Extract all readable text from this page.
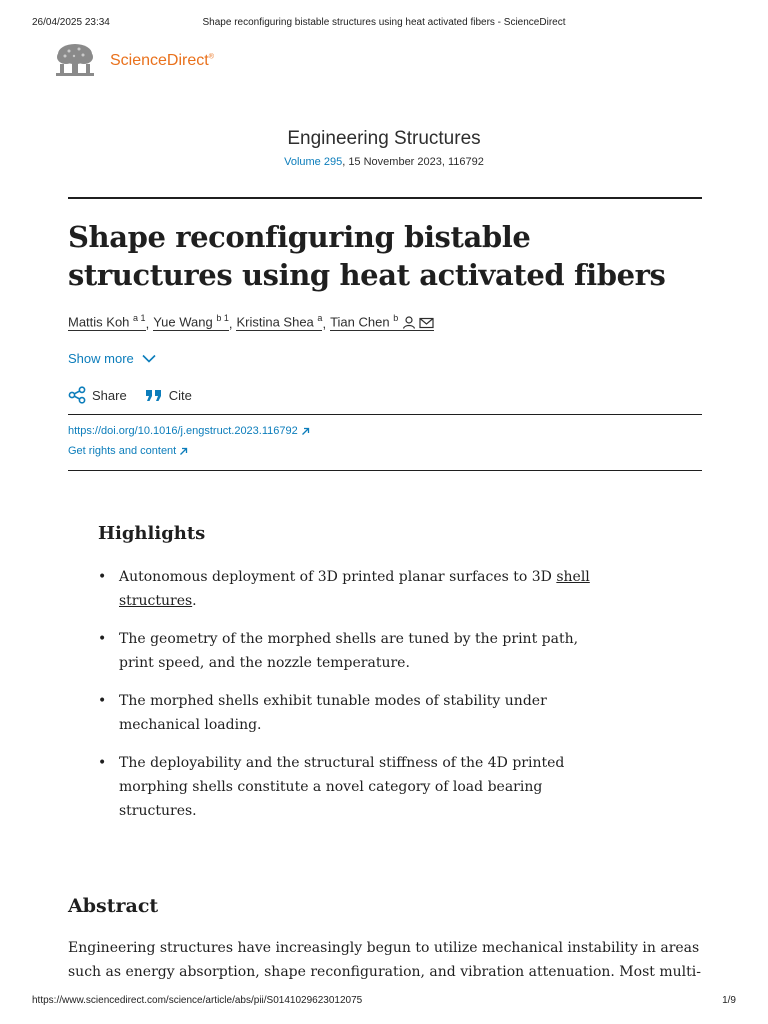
26/04/2025 23:34	Shape reconfiguring bistable structures using heat activated fibers - ScienceDirect
ScienceDirect®
Engineering Structures
Volume 295, 15 November 2023, 116792
Shape reconfiguring bistable structures using heat activated fibers
Mattis Koh $^{a 1}$ , Yue Wang $^{b 1}$ , Kristina Shea $^a$ , Tian Chen $^b$
Show more
Share	Cite
https://doi.org/10.1016/j.engstruct.2023.116792
Get rights and content
Highlights
• Autonomous deployment of 3D printed planar surfaces to 3D shell structures.
• The geometry of the morphed shells are tuned by the print path, print speed, and the nozzle temperature.
• The morphed shells exhibit tunable modes of stability under mechanical loading.
• The deployability and the structural stiffness of the 4D printed morphing shells constitute a novel category of load bearing structures.
Abstract

Engineering structures have increasingly begun to utilize mechanical instability in areas such as energy absorption, shape reconfiguration, and vibration attenuation. Most multi-

https://www.sciencedirect.com/science/article/abs/pii/S0141029623012075	1/9
